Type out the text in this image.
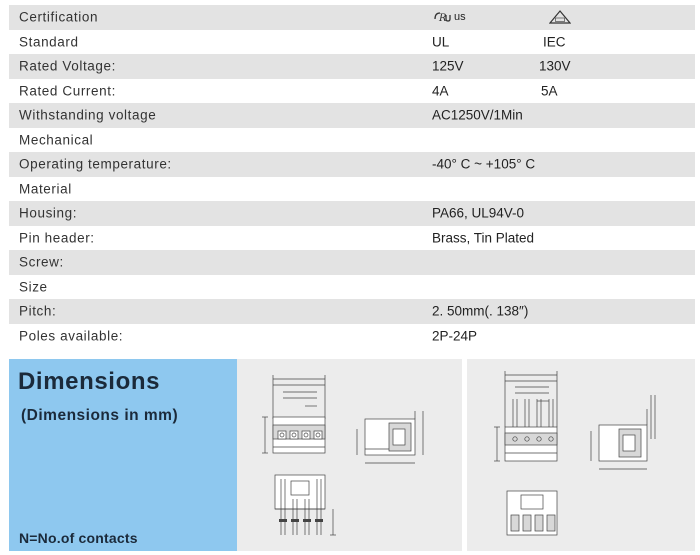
Certification	R us
Standard	UL	IEC
Rated Voltage:	125V	130V
Rated Current:	4A	5A
Withstanding voltage	AC1250V/1Min
Mechanical
Operating temperature:	-40° C ~ +105° C
Material
Housing:	PA66, UL94V-0
Pin header:	Brass, Tin Plated
Screw:
Size
Pitch:	2. 50mm(. 138″)
Poles available:	2P-24P
Dimensions
(Dimensions in mm)
N=No.of contacts
